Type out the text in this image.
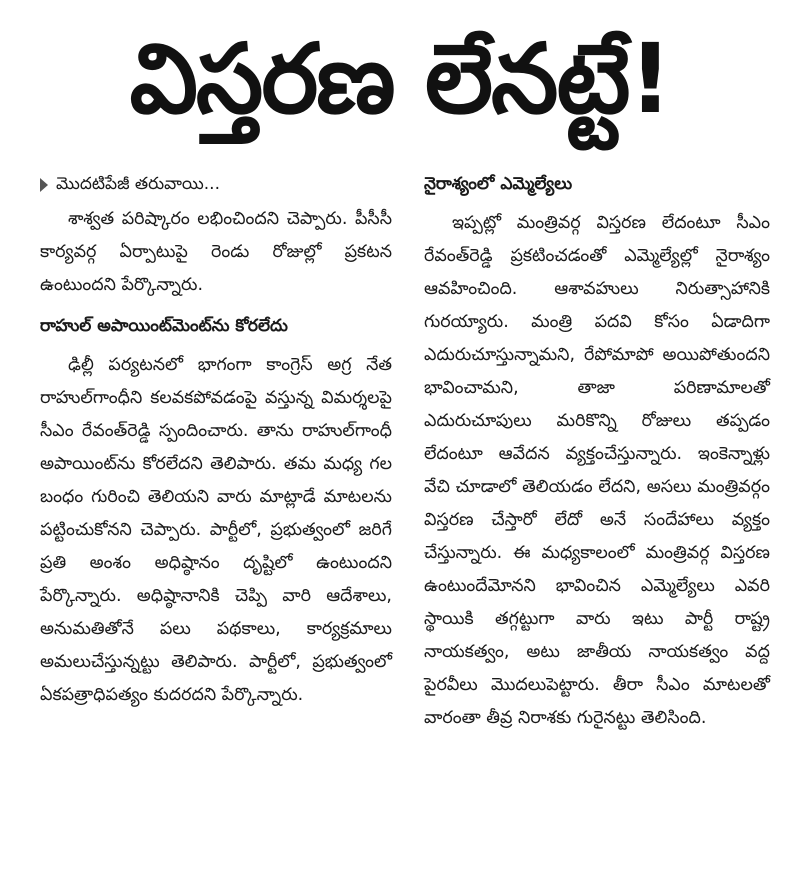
విస్తరణ లేనట్టే!
మొదటిపేజీ తరువాయి...

శాశ్వత పరిష్కారం లభించిందని చెప్పారు. పీసీసీ కార్యవర్గ ఏర్పాటుపై రెండు రోజుల్లో ప్రకటన ఉంటుందని పేర్కొన్నారు.

రాహుల్ అపాయింట్‌మెంట్‌ను కోరలేదు

ఢిల్లీ పర్యటనలో భాగంగా కాంగ్రెస్ అగ్ర నేత రాహుల్‌గాంధీని కలవకపోవడంపై వస్తున్న విమర్శలపై సీఎం రేవంత్‌రెడ్డి స్పందించారు. తాను రాహుల్‌గాంధీ అపాయింట్‌ను కోరలేదని తెలిపారు. తమ మధ్య గల బంధం గురించి తెలియని వారు మాట్లాడే మాటలను పట్టించుకోనని చెప్పారు. పార్టీలో, ప్రభుత్వంలో జరిగే ప్రతి అంశం అధిష్ఠానం దృష్టిలో ఉంటుందని పేర్కొన్నారు. అధిష్ఠానానికి చెప్పి వారి ఆదేశాలు, అనుమతితోనే పలు పథకాలు, కార్యక్రమాలు అమలుచేస్తున్నట్టు తెలిపారు. పార్టీలో, ప్రభుత్వంలో ఏకపత్రాధిపత్యం కుదరదని పేర్కొన్నారు.

నైరాశ్యంలో ఎమ్మెల్యేలు

ఇప్పట్లో మంత్రివర్గ విస్తరణ లేదంటూ సీఎం రేవంత్‌రెడ్డి ప్రకటించడంతో ఎమ్మెల్యేల్లో నైరాశ్యం ఆవహించింది. ఆశావహులు నిరుత్సాహానికి గురయ్యారు. మంత్రి పదవి కోసం ఏడాదిగా ఎదురుచూస్తున్నామని, రేపోమాపో అయిపోతుందని భావించామని, తాజా పరిణామాలతో ఎదురుచూపులు మరికొన్ని రోజులు తప్పడం లేదంటూ ఆవేదన వ్యక్తంచేస్తున్నారు. ఇంకెన్నాళ్లు వేచి చూడాలో తెలియడం లేదని, అసలు మంత్రివర్గం విస్తరణ చేస్తారో లేదో అనే సందేహాలు వ్యక్తం చేస్తున్నారు. ఈ మధ్యకాలంలో మంత్రివర్గ విస్తరణ ఉంటుందేమోనని భావించిన ఎమ్మెల్యేలు ఎవరి స్థాయికి తగ్గట్టుగా వారు ఇటు పార్టీ రాష్ట్ర నాయకత్వం, అటు జాతీయ నాయకత్వం వద్ద పైరవీలు మొదలుపెట్టారు. తీరా సీఎం మాటలతో వారంతా తీవ్ర నిరాశకు గురైనట్టు తెలిసింది.
